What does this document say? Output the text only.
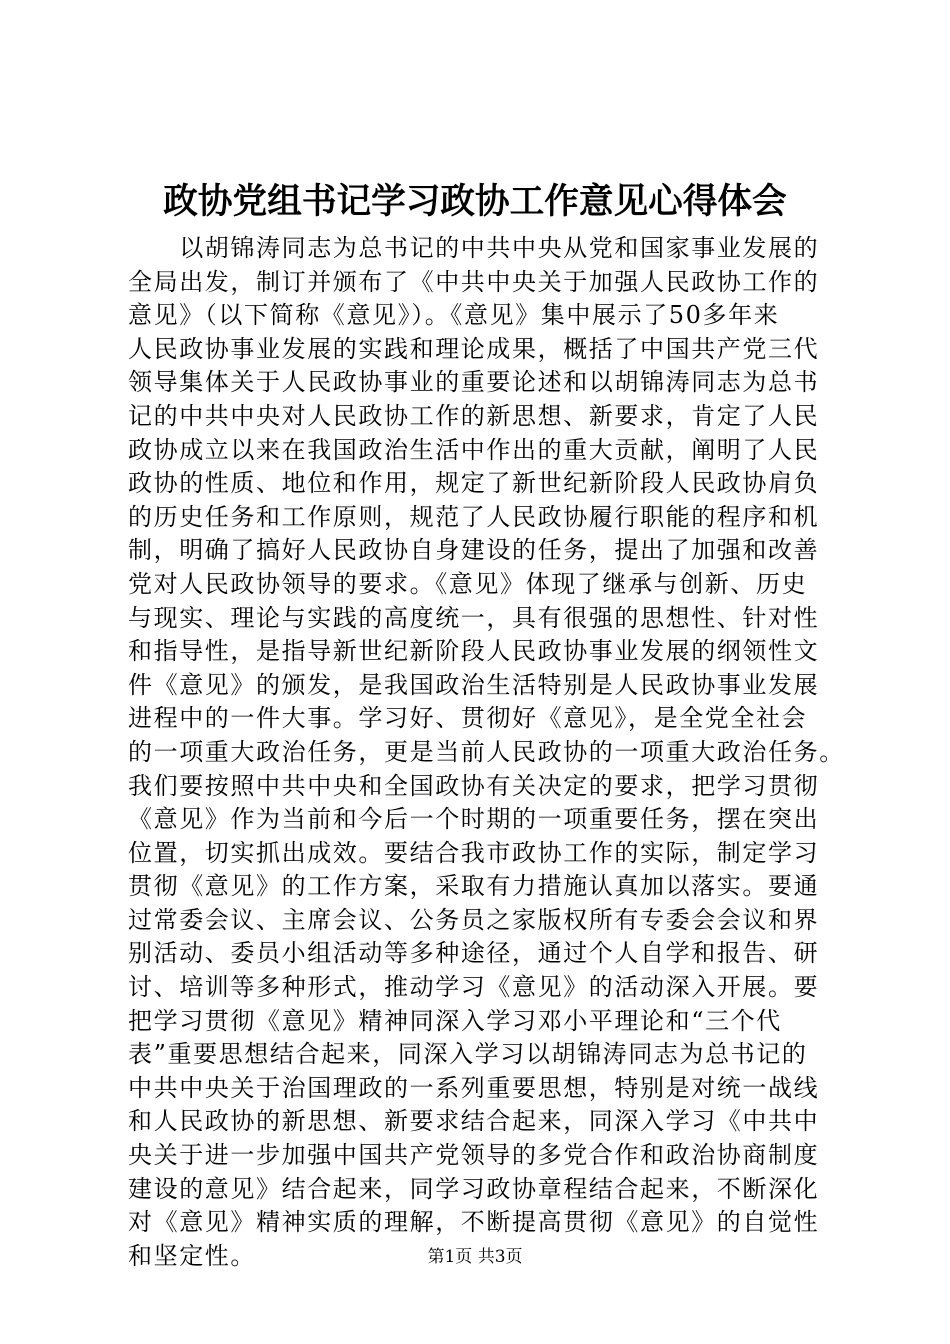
政协党组书记学习政协工作意见心得体会
　　以胡锦涛同志为总书记的中共中央从党和国家事业发展的
全局出发，制订并颁布了《中共中央关于加强人民政协工作的
意见》（以下简称《意见》）。《意见》集中展示了50多年来
人民政协事业发展的实践和理论成果，概括了中国共产党三代
领导集体关于人民政协事业的重要论述和以胡锦涛同志为总书
记的中共中央对人民政协工作的新思想、新要求，肯定了人民
政协成立以来在我国政治生活中作出的重大贡献，阐明了人民
政协的性质、地位和作用，规定了新世纪新阶段人民政协肩负
的历史任务和工作原则，规范了人民政协履行职能的程序和机
制，明确了搞好人民政协自身建设的任务，提出了加强和改善
党对人民政协领导的要求。《意见》体现了继承与创新、历史
与现实、理论与实践的高度统一，具有很强的思想性、针对性
和指导性，是指导新世纪新阶段人民政协事业发展的纲领性文
件《意见》的颁发，是我国政治生活特别是人民政协事业发展
进程中的一件大事。学习好、贯彻好《意见》，是全党全社会
的一项重大政治任务，更是当前人民政协的一项重大政治任务。
我们要按照中共中央和全国政协有关决定的要求，把学习贯彻
《意见》作为当前和今后一个时期的一项重要任务，摆在突出
位置，切实抓出成效。要结合我市政协工作的实际，制定学习
贯彻《意见》的工作方案，采取有力措施认真加以落实。要通
过常委会议、主席会议、公务员之家版权所有专委会会议和界
别活动、委员小组活动等多种途径，通过个人自学和报告、研
讨、培训等多种形式，推动学习《意见》的活动深入开展。要
把学习贯彻《意见》精神同深入学习邓小平理论和“三个代
表”重要思想结合起来，同深入学习以胡锦涛同志为总书记的
中共中央关于治国理政的一系列重要思想，特别是对统一战线
和人民政协的新思想、新要求结合起来，同深入学习《中共中
央关于进一步加强中国共产党领导的多党合作和政治协商制度
建设的意见》结合起来，同学习政协章程结合起来，不断深化
对《意见》精神实质的理解，不断提高贯彻《意见》的自觉性
和坚定性。	第1页 共3页
